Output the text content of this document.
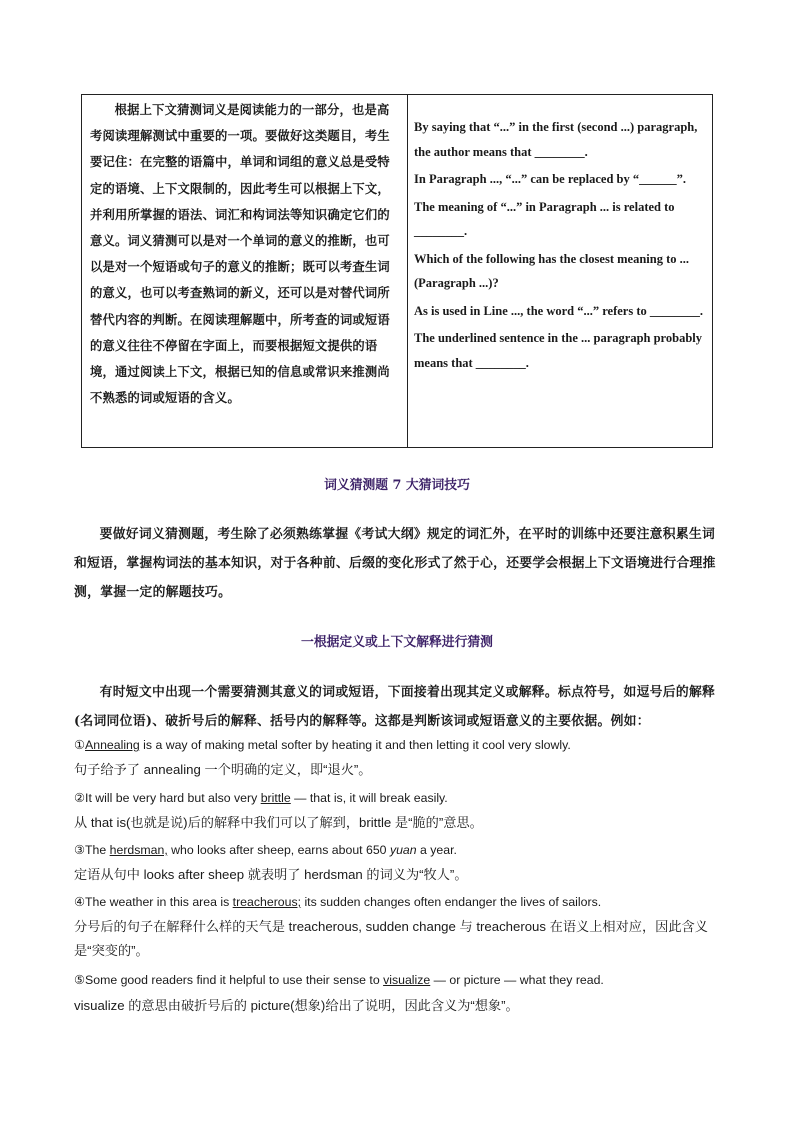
根据上下文猜测词义是阅读能力的一部分，也是高考阅读理解测试中重要的一项。要做好这类题目，考生要记住：在完整的语篇中，单词和词组的意义总是受特定的语境、上下文限制的，因此考生可以根据上下文，并利用所掌握的语法、词汇和构词法等知识确定它们的意义。词义猜测可以是对一个单词的意义的推断，也可以是对一个短语或句子的意义的推断；既可以考查生词的意义，也可以考查熟词的新义，还可以是对替代词所替代内容的判断。在阅读理解题中，所考查的词或短语的意义往往不停留在字面上，而要根据短文提供的语境，通过阅读上下文，根据已知的信息或常识来推测尚不熟悉的词或短语的含义。
By saying that “...” in the first (second ...) paragraph, the author means that ________.
In Paragraph ..., “...” can be replaced by “______”.
The meaning of “...” in Paragraph ... is related to ________.
Which of the following has the closest meaning to ... (Paragraph ...)?
As is used in Line ..., the word “...” refers to ________.
The underlined sentence in the ... paragraph probably means that ________.
词义猜测题 7 大猜词技巧
要做好词义猜测题，考生除了必须熟练掌握《考试大纲》规定的词汇外，在平时的训练中还要注意积累生词和短语，掌握构词法的基本知识，对于各种前、后缀的变化形式了然于心，还要学会根据上下文语境进行合理推测，掌握一定的解题技巧。
一根据定义或上下文解释进行猜测
有时短文中出现一个需要猜测其意义的词或短语，下面接着出现其定义或解释。标点符号，如逗号后的解释(名词同位语)、破折号后的解释、括号内的解释等。这都是判断该词或短语意义的主要依据。例如：
①Annealing is a way of making metal softer by heating it and then letting it cool very slowly.
句子给予了 annealing 一个明确的定义，即“退火”。
②It will be very hard but also very brittle — that is, it will break easily.
从 that is(也就是说)后的解释中我们可以了解到，brittle 是“脆的”意思。
③The herdsman, who looks after sheep, earns about 650 yuan a year.
定语从句中 looks after sheep 就表明了 herdsman 的词义为“牧人”。
④The weather in this area is treacherous; its sudden changes often endanger the lives of sailors.
分号后的句子在解释什么样的天气是 treacherous, sudden change 与 treacherous 在语义上相对应，因此含义是“突变的”。
⑤Some good readers find it helpful to use their sense to visualize — or picture — what they read.
visualize 的意思由破折号后的 picture(想象)给出了说明，因此含义为“想象”。
